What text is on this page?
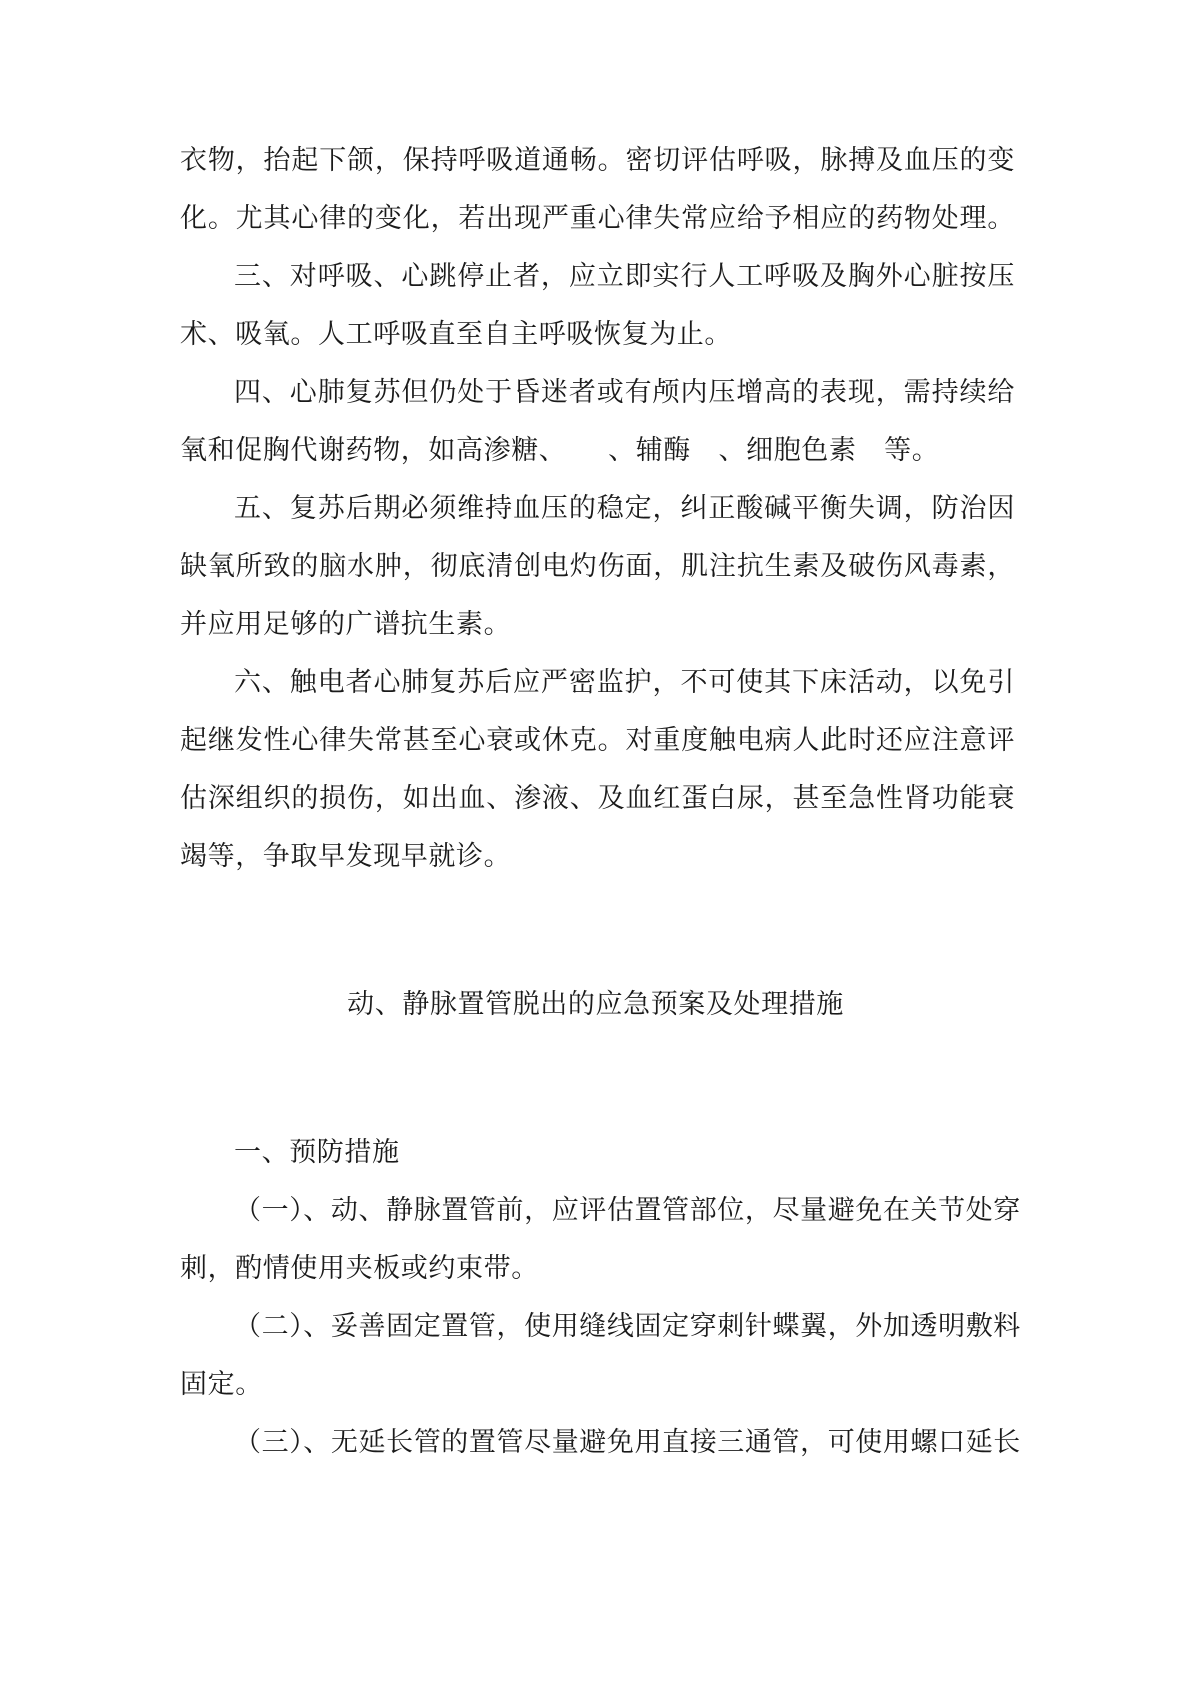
衣物，抬起下颌，保持呼吸道通畅。密切评估呼吸，脉搏及血压的变
化。尤其心律的变化，若出现严重心律失常应给予相应的药物处理。
三、对呼吸、心跳停止者，应立即实行人工呼吸及胸外心脏按压
术、吸氧。人工呼吸直至自主呼吸恢复为止。
四、心肺复苏但仍处于昏迷者或有颅内压增高的表现，需持续给
氧和促胸代谢药物，如高渗糖、　　、辅酶　、细胞色素　等。
五、复苏后期必须维持血压的稳定，纠正酸碱平衡失调，防治因
缺氧所致的脑水肿，彻底清创电灼伤面，肌注抗生素及破伤风毒素，
并应用足够的广谱抗生素。
六、触电者心肺复苏后应严密监护，不可使其下床活动，以免引
起继发性心律失常甚至心衰或休克。对重度触电病人此时还应注意评
估深组织的损伤，如出血、渗液、及血红蛋白尿，甚至急性肾功能衰
竭等，争取早发现早就诊。
动、静脉置管脱出的应急预案及处理措施
一、预防措施
（一）、动、静脉置管前，应评估置管部位，尽量避免在关节处穿
刺，酌情使用夹板或约束带。
（二）、妥善固定置管，使用缝线固定穿刺针蝶翼，外加透明敷料
固定。
（三）、无延长管的置管尽量避免用直接三通管，可使用螺口延长
